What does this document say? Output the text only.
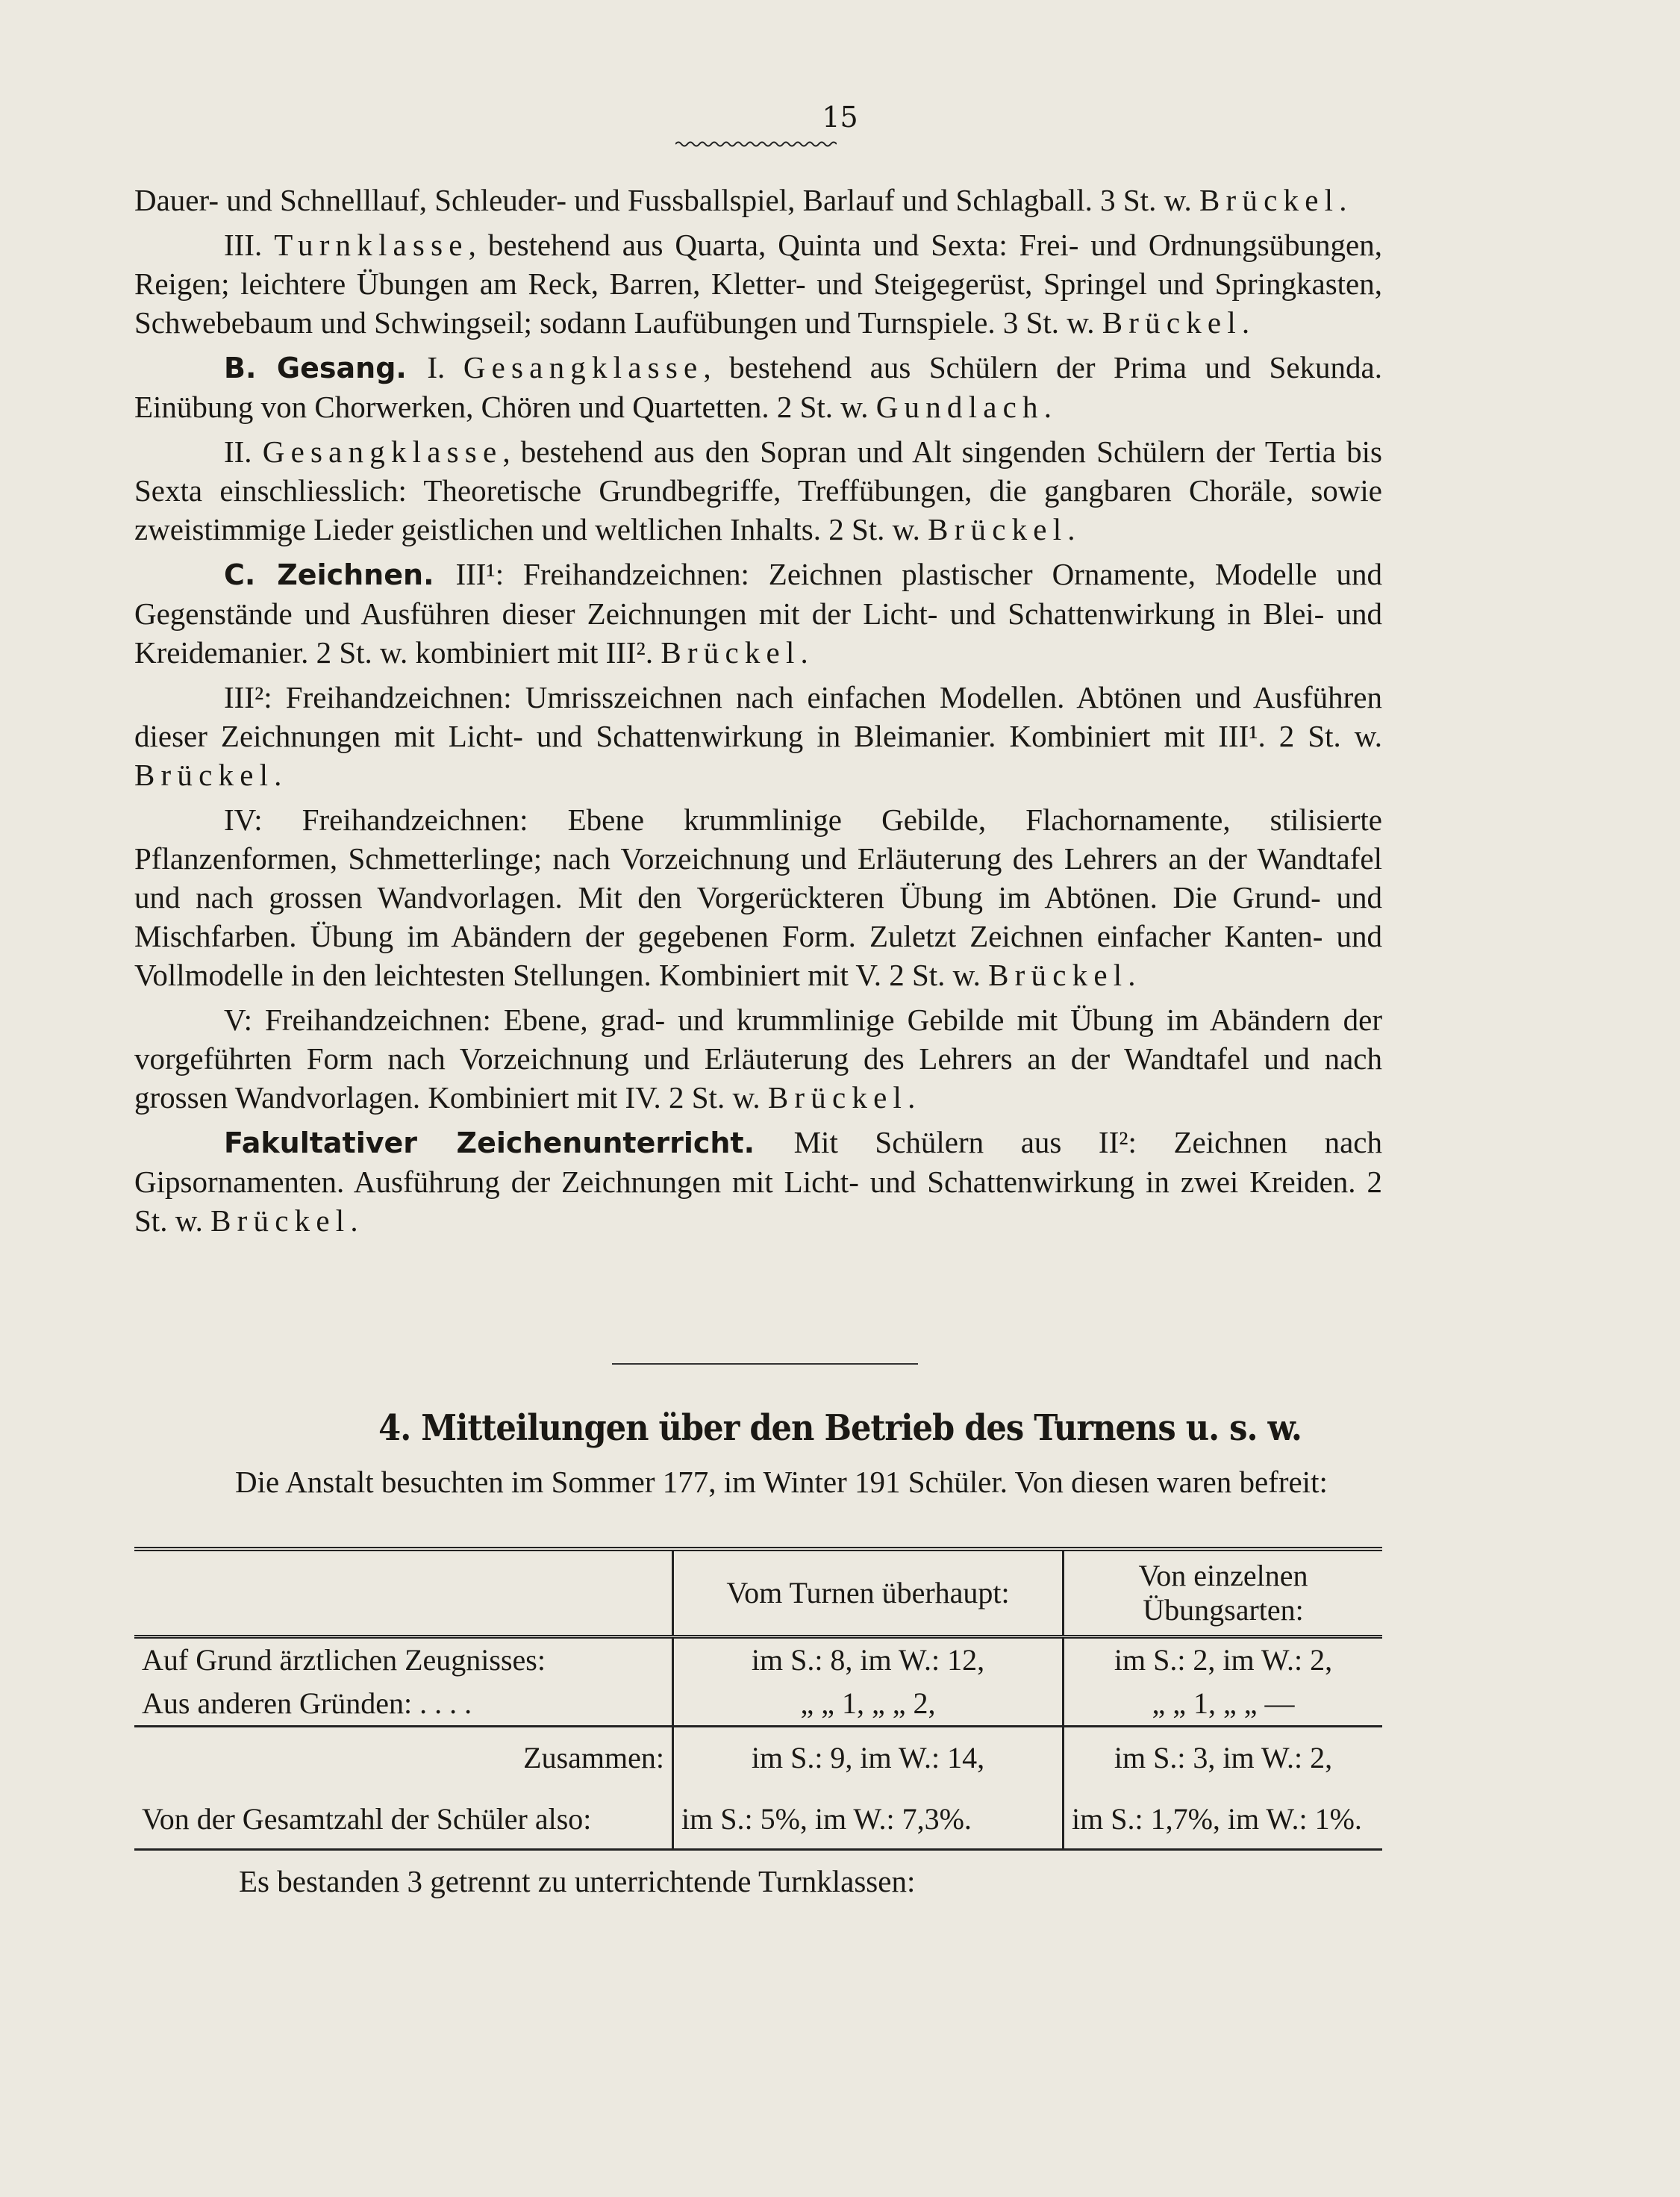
15

Dauer- und Schnelllauf, Schleuder- und Fussballspiel, Barlauf und Schlagball. 3 St. w. Brückel.

III. Turnklasse, bestehend aus Quarta, Quinta und Sexta: Frei- und Ordnungsübungen, Reigen; leichtere Übungen am Reck, Barren, Kletter- und Steigegerüst, Springel und Springkasten, Schwebebaum und Schwingseil; sodann Laufübungen und Turnspiele. 3 St. w. Brückel.

B. Gesang. I. Gesangklasse, bestehend aus Schülern der Prima und Sekunda. Einübung von Chorwerken, Chören und Quartetten. 2 St. w. Gundlach.

II. Gesangklasse, bestehend aus den Sopran und Alt singenden Schülern der Tertia bis Sexta einschliesslich: Theoretische Grundbegriffe, Treffübungen, die gangbaren Choräle, sowie zweistimmige Lieder geistlichen und weltlichen Inhalts. 2 St. w. Brückel.

C. Zeichnen. III¹: Freihandzeichnen: Zeichnen plastischer Ornamente, Modelle und Gegenstände und Ausführen dieser Zeichnungen mit der Licht- und Schattenwirkung in Blei- und Kreidemanier. 2 St. w. kombiniert mit III². Brückel.

III²: Freihandzeichnen: Umrisszeichnen nach einfachen Modellen. Abtönen und Ausführen dieser Zeichnungen mit Licht- und Schattenwirkung in Bleimanier. Kombiniert mit III¹. 2 St. w. Brückel.

IV: Freihandzeichnen: Ebene krummlinige Gebilde, Flachornamente, stilisierte Pflanzenformen, Schmetterlinge; nach Vorzeichnung und Erläuterung des Lehrers an der Wandtafel und nach grossen Wandvorlagen. Mit den Vorgerückteren Übung im Abtönen. Die Grund- und Mischfarben. Übung im Abändern der gegebenen Form. Zuletzt Zeichnen einfacher Kanten- und Vollmodelle in den leichtesten Stellungen. Kombiniert mit V. 2 St. w. Brückel.

V: Freihandzeichnen: Ebene, grad- und krummlinige Gebilde mit Übung im Abändern der vorgeführten Form nach Vorzeichnung und Erläuterung des Lehrers an der Wandtafel und nach grossen Wandvorlagen. Kombiniert mit IV. 2 St. w. Brückel.

Fakultativer Zeichenunterricht. Mit Schülern aus II²: Zeichnen nach Gipsornamenten. Ausführung der Zeichnungen mit Licht- und Schattenwirkung in zwei Kreiden. 2 St. w. Brückel.

4. Mitteilungen über den Betrieb des Turnens u. s. w.

Die Anstalt besuchten im Sommer 177, im Winter 191 Schüler. Von diesen waren befreit:

	Vom Turnen überhaupt:	Von einzelnen Übungsarten:
Auf Grund ärztlichen Zeugnisses:	im S.: 8, im W.: 12,	im S.: 2, im W.: 2,
Aus anderen Gründen: . . . .	„ „ 1, „ „ 2,	„ „ 1, „ „ —
Zusammen:	im S.: 9, im W.: 14,	im S.: 3, im W.: 2,
Von der Gesamtzahl der Schüler also:	im S.: 5%, im W.: 7,3%.	im S.: 1,7%, im W.: 1%.
Es bestanden 3 getrennt zu unterrichtende Turnklassen:
